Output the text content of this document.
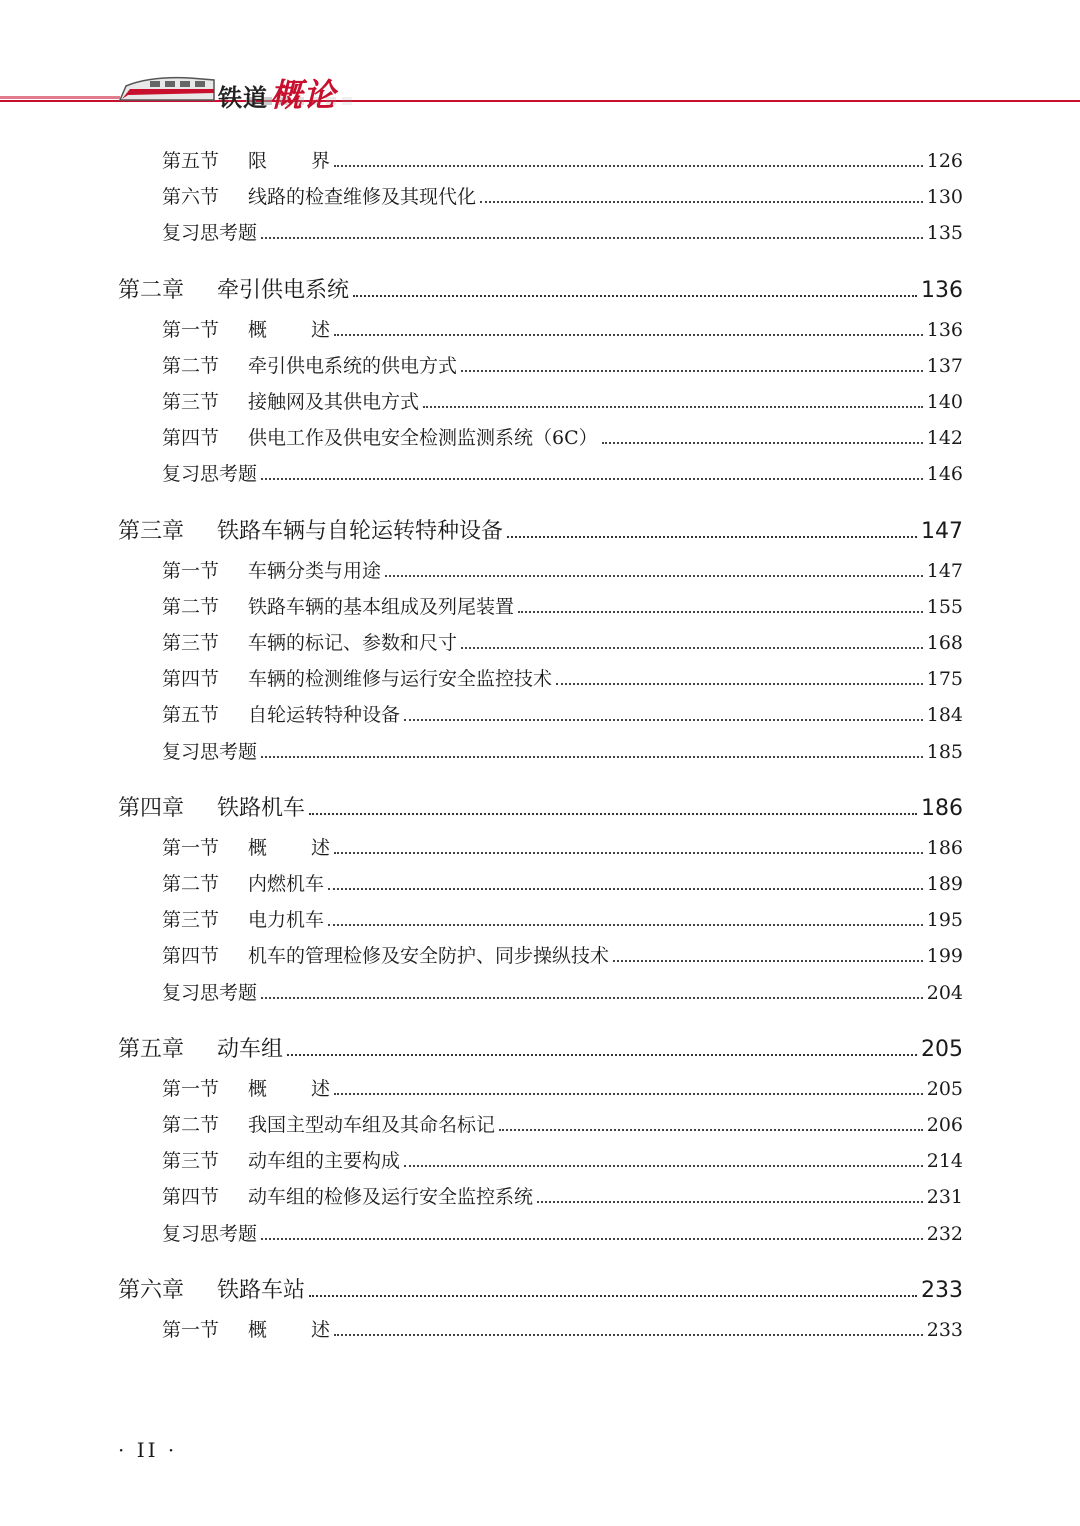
铁道 概论
第五节	限 界	126
第六节	线路的检查维修及其现代化	130
复习思考题	135
第二章	牵引供电系统	136
第一节	概 述	136
第二节	牵引供电系统的供电方式	137
第三节	接触网及其供电方式	140
第四节	供电工作及供电安全检测监测系统（6C）	142
复习思考题	146
第三章	铁路车辆与自轮运转特种设备	147
第一节	车辆分类与用途	147
第二节	铁路车辆的基本组成及列尾装置	155
第三节	车辆的标记、参数和尺寸	168
第四节	车辆的检测维修与运行安全监控技术	175
第五节	自轮运转特种设备	184
复习思考题	185
第四章	铁路机车	186
第一节	概 述	186
第二节	内燃机车	189
第三节	电力机车	195
第四节	机车的管理检修及安全防护、同步操纵技术	199
复习思考题	204
第五章	动车组	205
第一节	概 述	205
第二节	我国主型动车组及其命名标记	206
第三节	动车组的主要构成	214
第四节	动车组的检修及运行安全监控系统	231
复习思考题	232
第六章	铁路车站	233
第一节	概 述	233
· II ·
